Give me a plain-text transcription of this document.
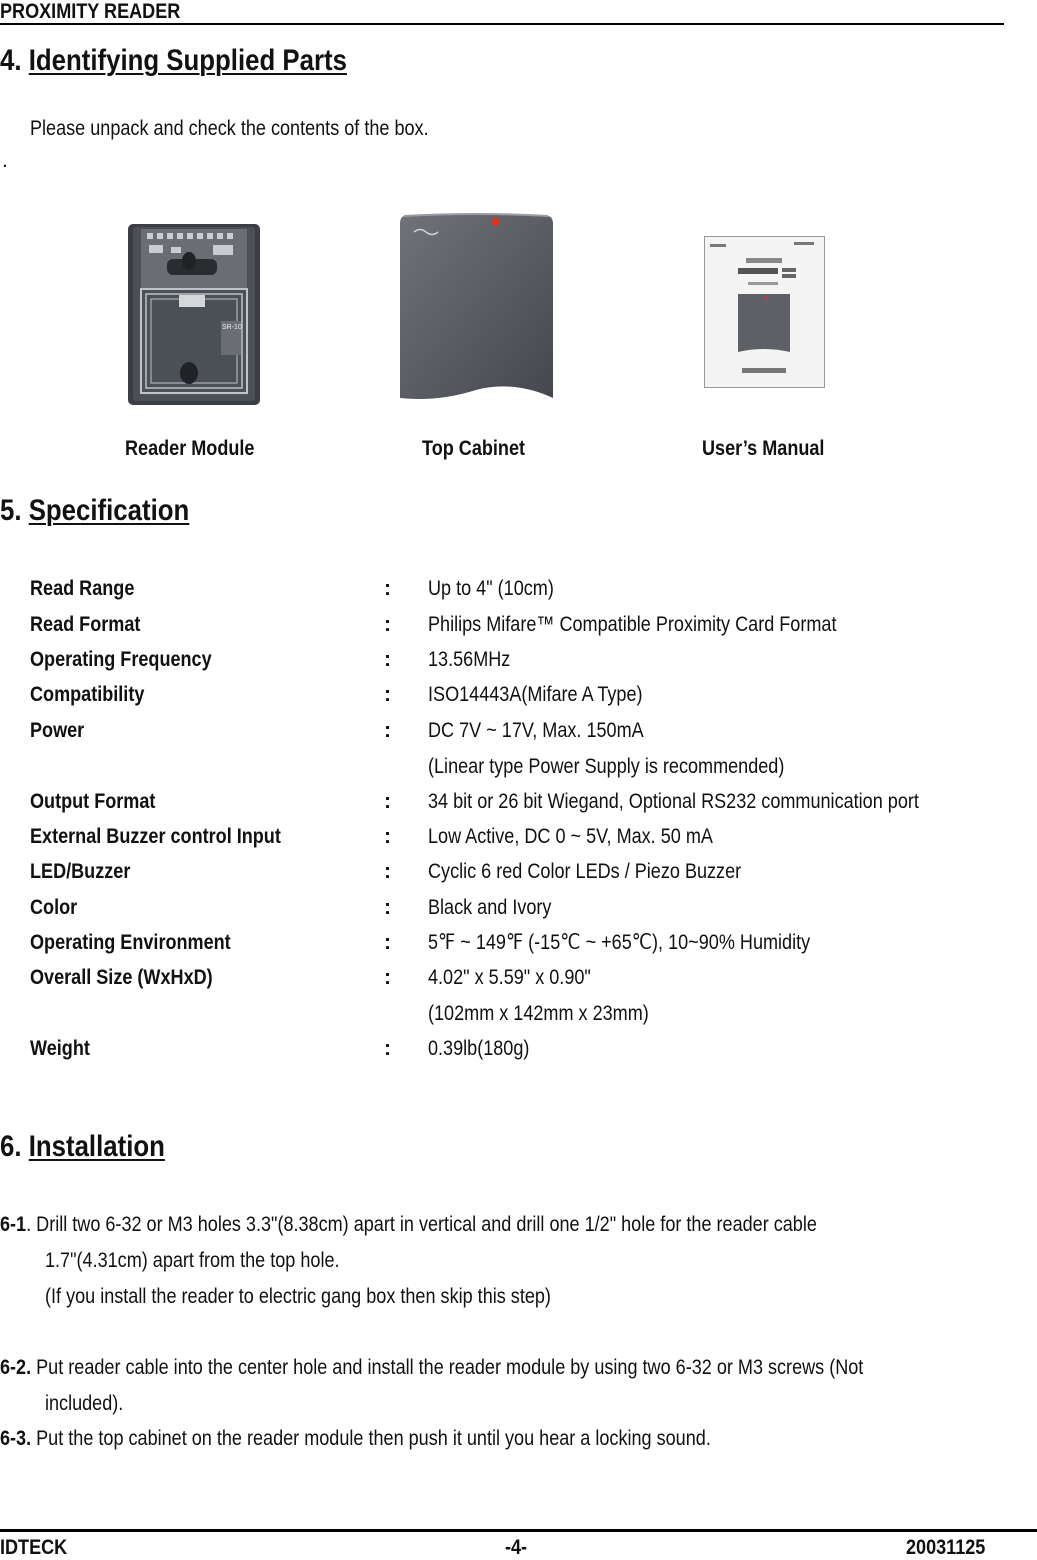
PROXIMITY READER
4. Identifying Supplied Parts
Please unpack and check the contents of the box.
.
SR-10
Reader Module	Top Cabinet	User’s Manual
5. Specification
Read Range	: Up to 4" (10cm)
Read Format	: Philips Mifare™ Compatible Proximity Card Format
Operating Frequency	: 13.56MHz
Compatibility	: ISO14443A(Mifare A Type)
Power	: DC 7V ~ 17V, Max. 150mA
(Linear type Power Supply is recommended)
Output Format	: 34 bit or 26 bit Wiegand, Optional RS232 communication port
External Buzzer control Input	: Low Active, DC 0 ~ 5V, Max. 50 mA
LED/Buzzer	: Cyclic 6 red Color LEDs / Piezo Buzzer
Color	: Black and Ivory
Operating Environment	: 5℉ ~ 149℉ (-15℃ ~ +65℃), 10~90% Humidity
Overall Size (WxHxD)	: 4.02" x 5.59" x 0.90"
(102mm x 142mm x 23mm)
Weight	: 0.39lb(180g)
6. Installation
6-1. Drill two 6-32 or M3 holes 3.3"(8.38cm) apart in vertical and drill one 1/2" hole for the reader cable
1.7"(4.31cm) apart from the top hole.
(If you install the reader to electric gang box then skip this step)
6-2. Put reader cable into the center hole and install the reader module by using two 6-32 or M3 screws (Not
included).
6-3. Put the top cabinet on the reader module then push it until you hear a locking sound.
IDTECK	-4-	20031125
